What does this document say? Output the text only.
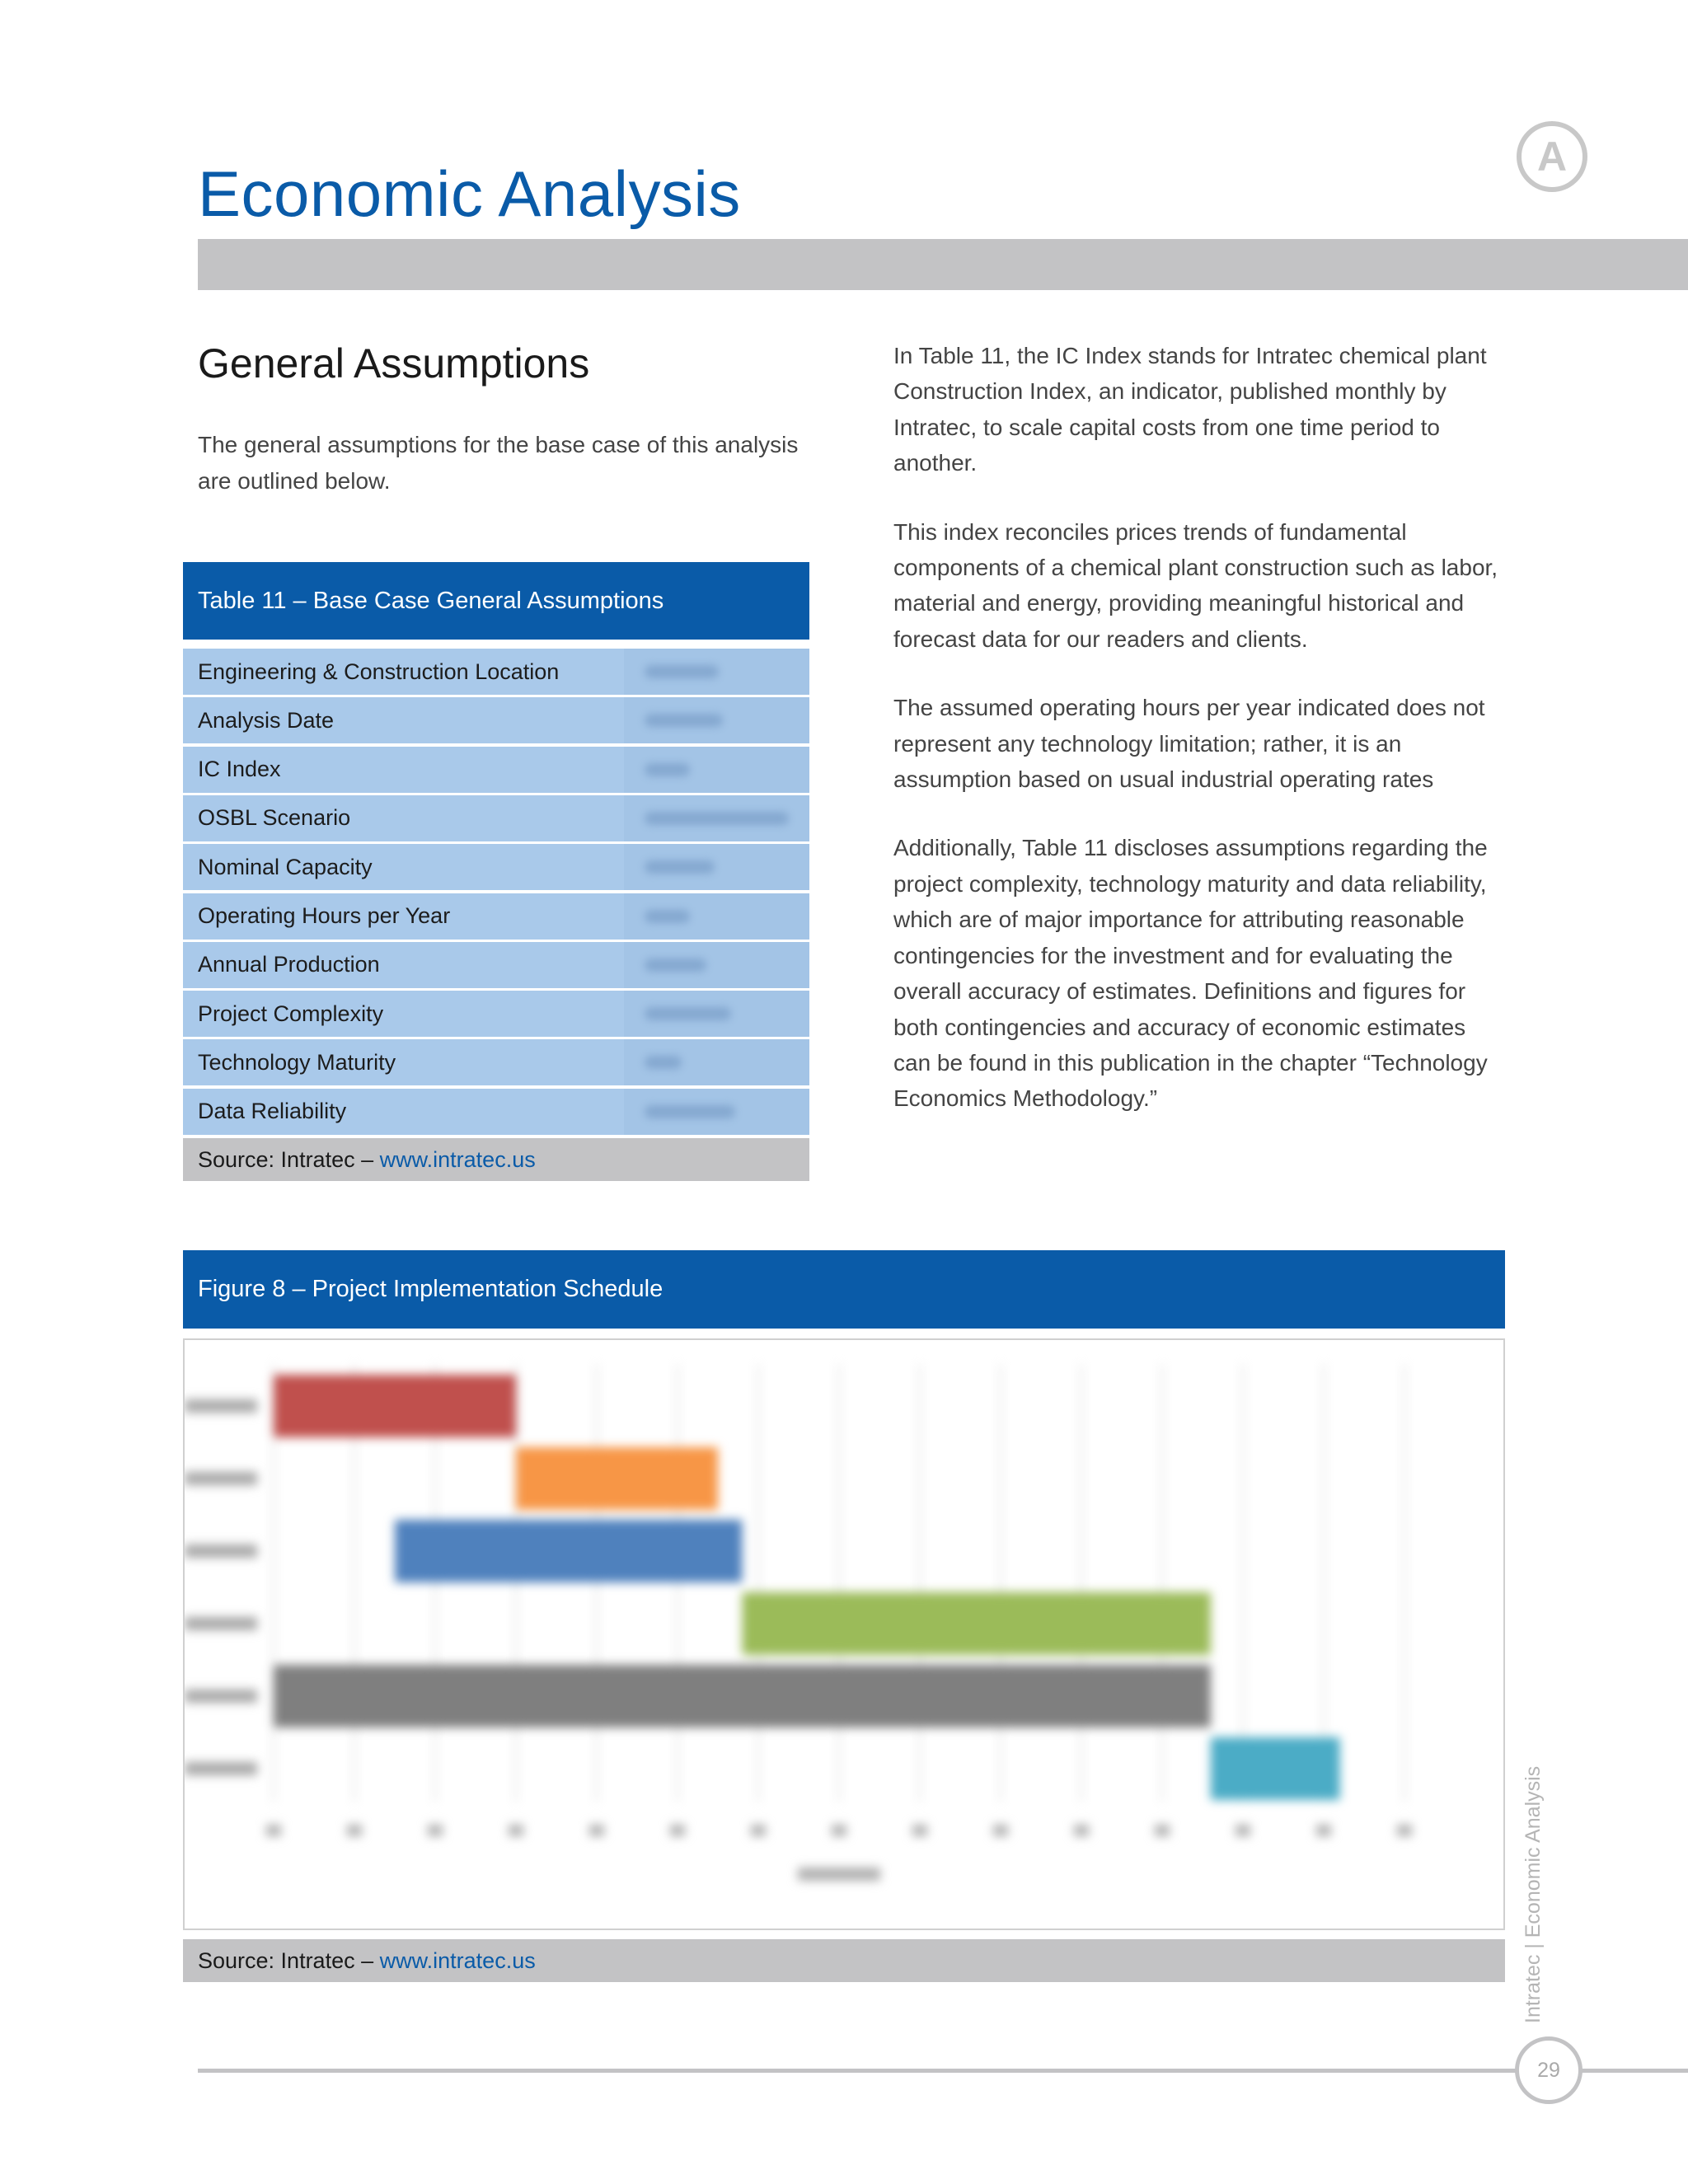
Economic Analysis
A
General Assumptions
The general assumptions for the base case of this analysis are outlined below.
Table 11 – Base Case General Assumptions
Engineering & Construction Location
Analysis Date
IC Index
OSBL Scenario
Nominal Capacity
Operating Hours per Year
Annual Production
Project Complexity
Technology Maturity
Data Reliability
Source: Intratec –
www.intratec.us

In Table 11, the IC Index stands for Intratec chemical plant Construction Index, an indicator, published monthly by Intratec, to scale capital costs from one time period to another.

This index reconciles prices trends of fundamental components of a chemical plant construction such as labor, material and energy, providing meaningful historical and forecast data for our readers and clients.

The assumed operating hours per year indicated does not represent any technology limitation; rather, it is an assumption based on usual industrial operating rates

Additionally, Table 11 discloses assumptions regarding the project complexity, technology maturity and data reliability, which are of major importance for attributing reasonable contingencies for the investment and for evaluating the overall accuracy of estimates. Definitions and figures for both contingencies and accuracy of economic estimates can be found in this publication in the chapter “Technology Economics Methodology.”

Figure 8 – Project Implementation Schedule
Source: Intratec –
www.intratec.us
29
Intratec | Economic Analysis
